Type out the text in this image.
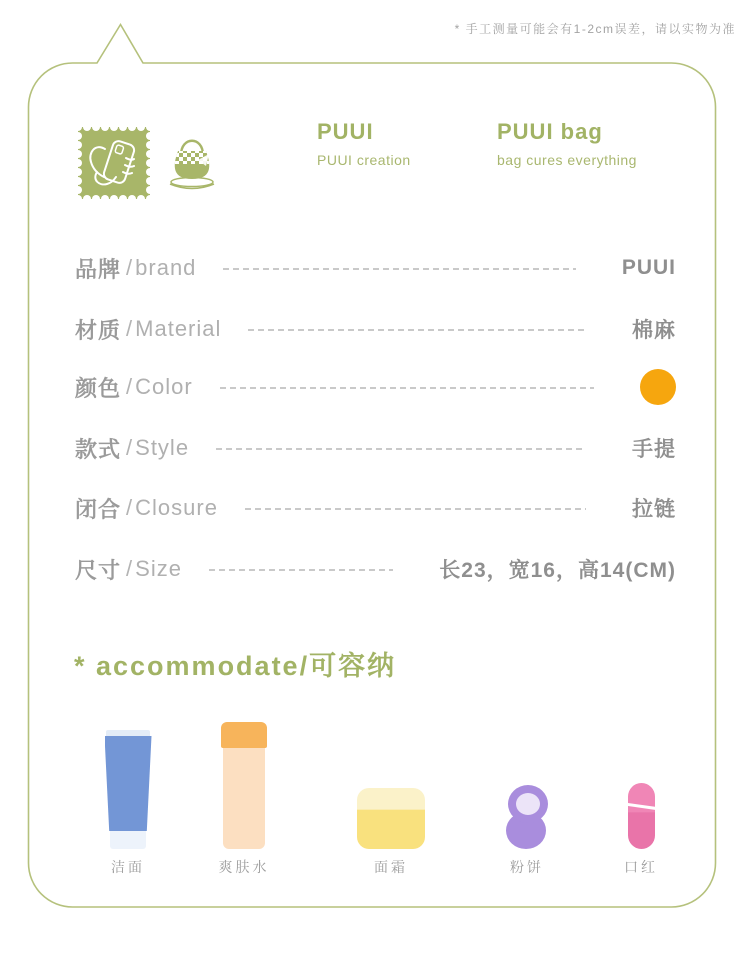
* 手工测量可能会有1-2cm误差，请以实物为准
PUUI
PUUI creation
PUUI bag
bag cures everything
品牌 / brand	PUUI
材质 / Material	棉麻
颜色 / Color
款式 / Style	手提
闭合 / Closure	拉链
尺寸 / Size	长23，宽16，高14(CM)
* accommodate/可容纳
洁面	爽肤水	面霜	粉饼	口红
